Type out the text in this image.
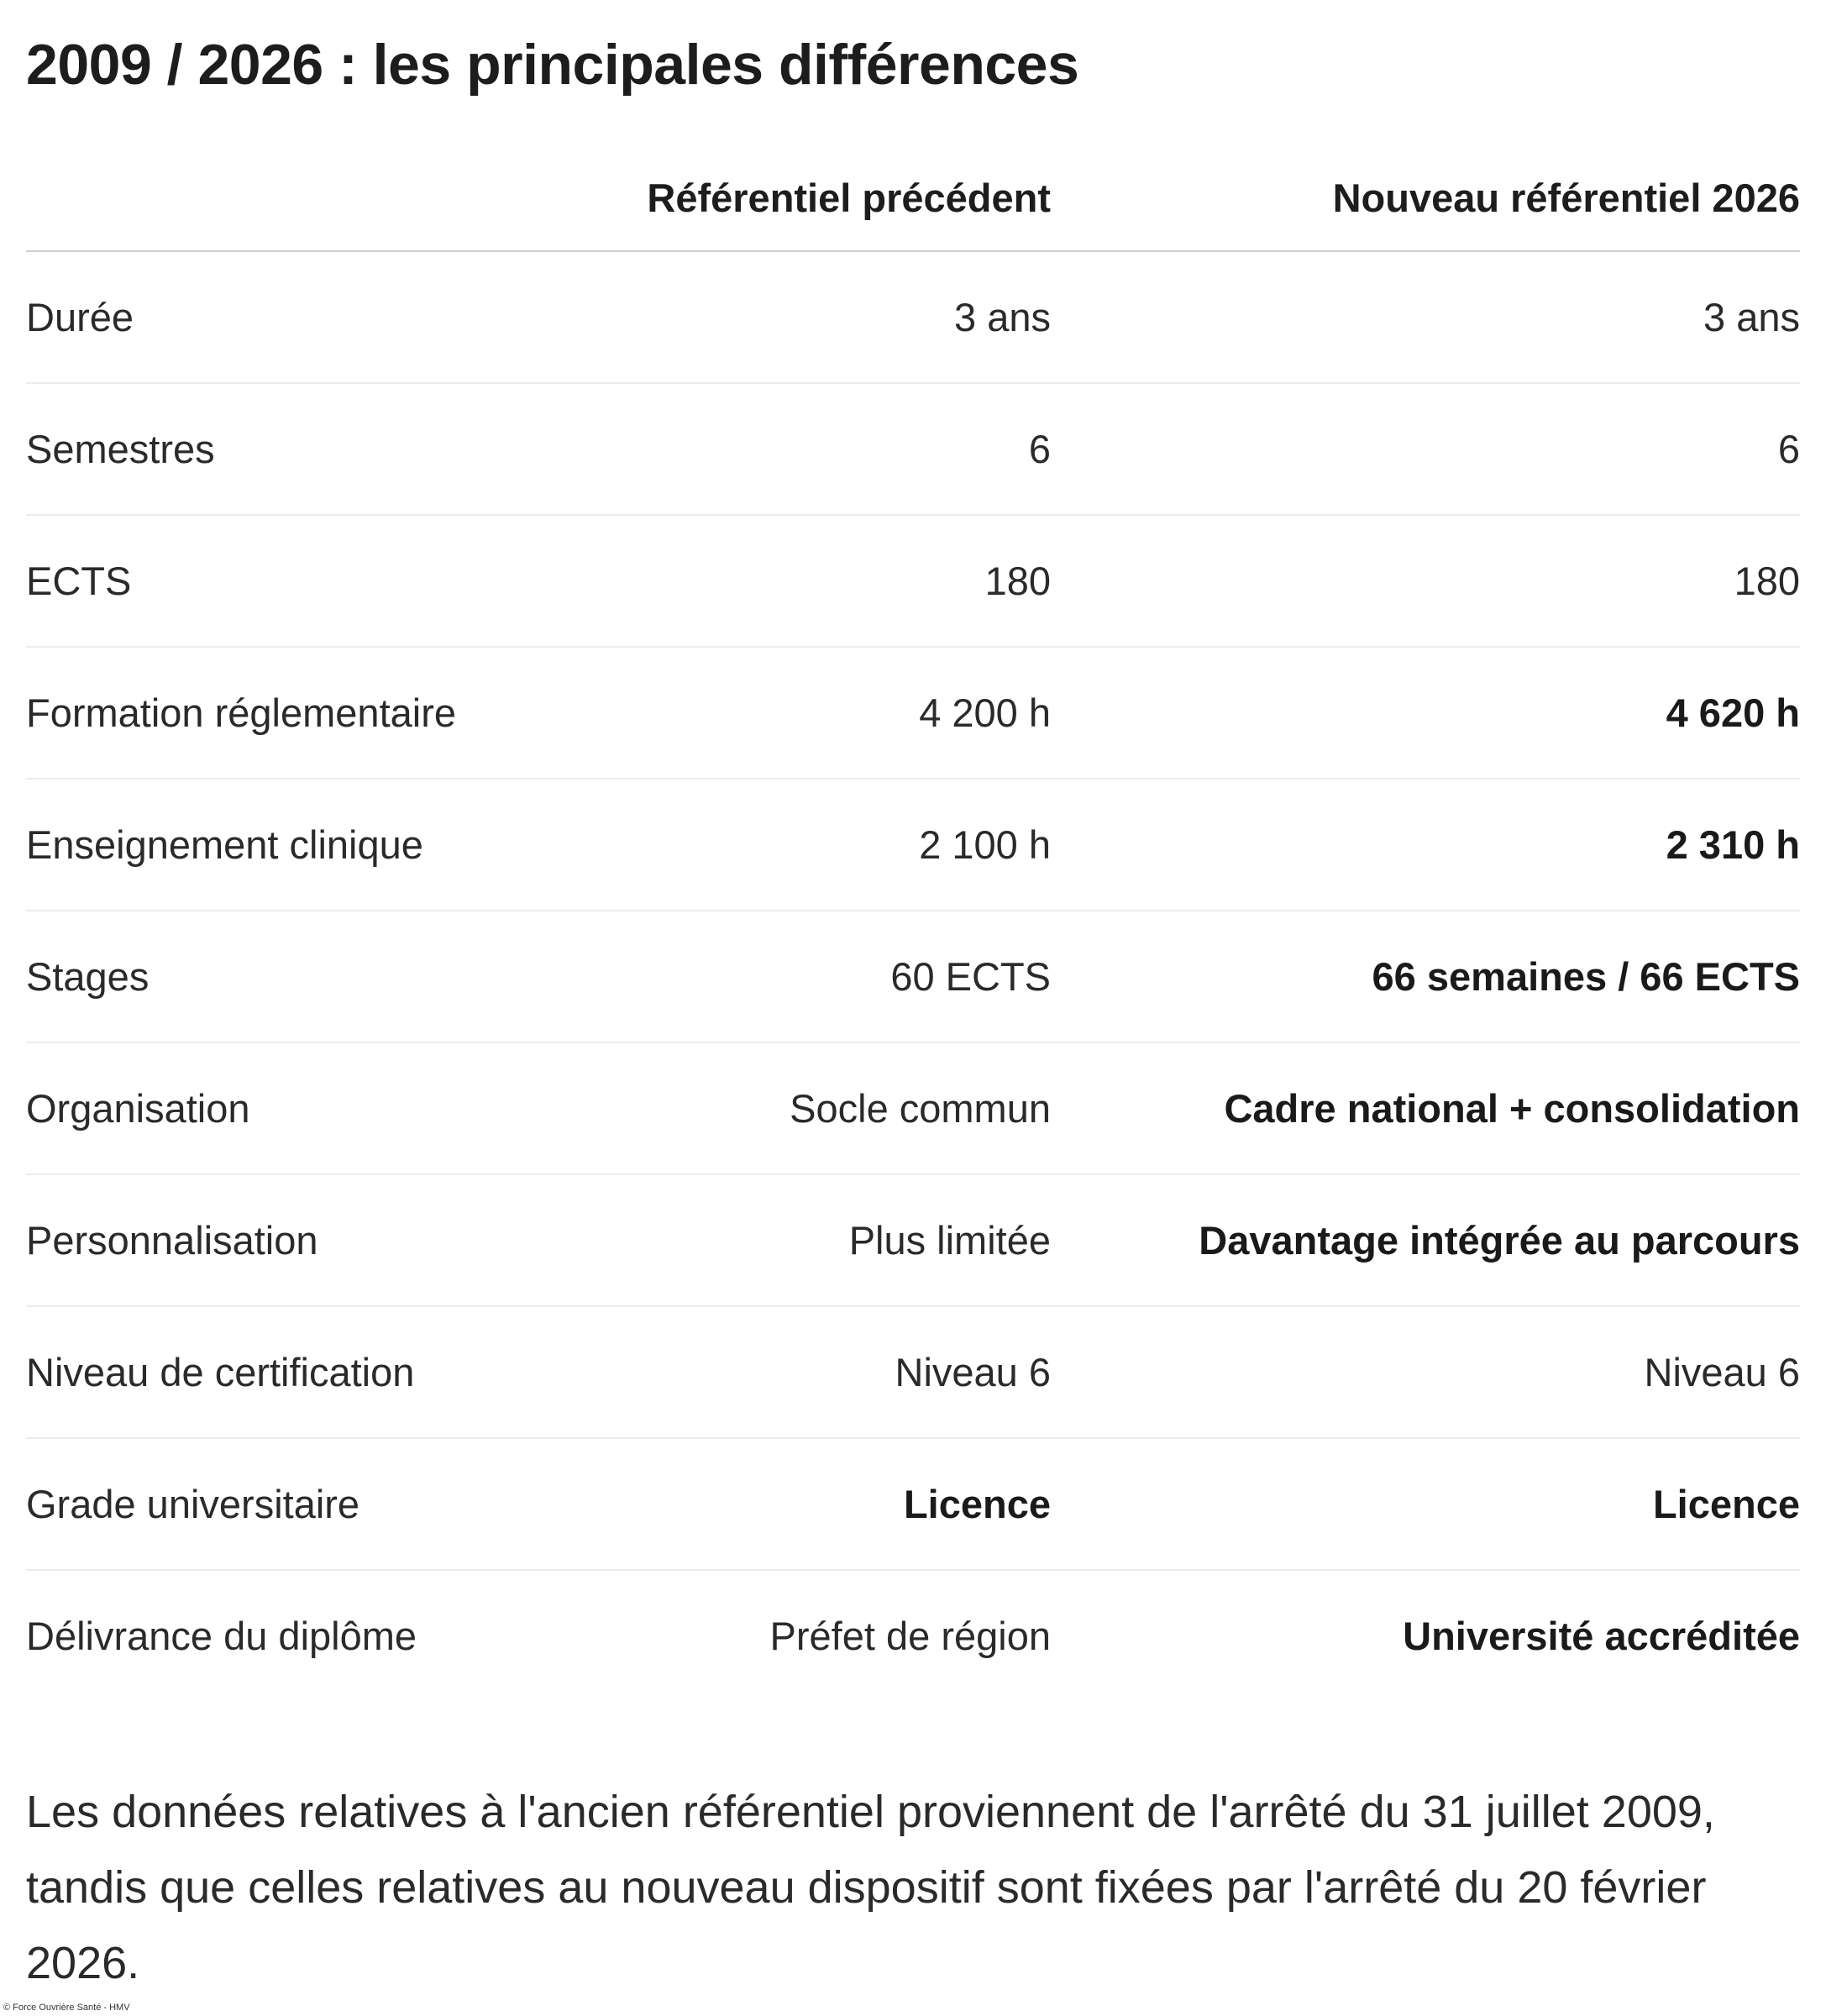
2009 / 2026 : les principales différences
	Référentiel précédent	Nouveau référentiel 2026
Durée	3 ans	3 ans
Semestres	6	6
ECTS	180	180
Formation réglementaire	4 200 h	4 620 h
Enseignement clinique	2 100 h	2 310 h
Stages	60 ECTS	66 semaines / 66 ECTS
Organisation	Socle commun	Cadre national + consolidation
Personnalisation	Plus limitée	Davantage intégrée au parcours
Niveau de certification	Niveau 6	Niveau 6
Grade universitaire	Licence	Licence
Délivrance du diplôme	Préfet de région	Université accréditée

Les données relatives à l'ancien référentiel proviennent de l'arrêté du 31 juillet 2009, tandis que celles relatives au nouveau dispositif sont fixées par l'arrêté du 20 février 2026.

© Force Ouvrière Santé - HMV
